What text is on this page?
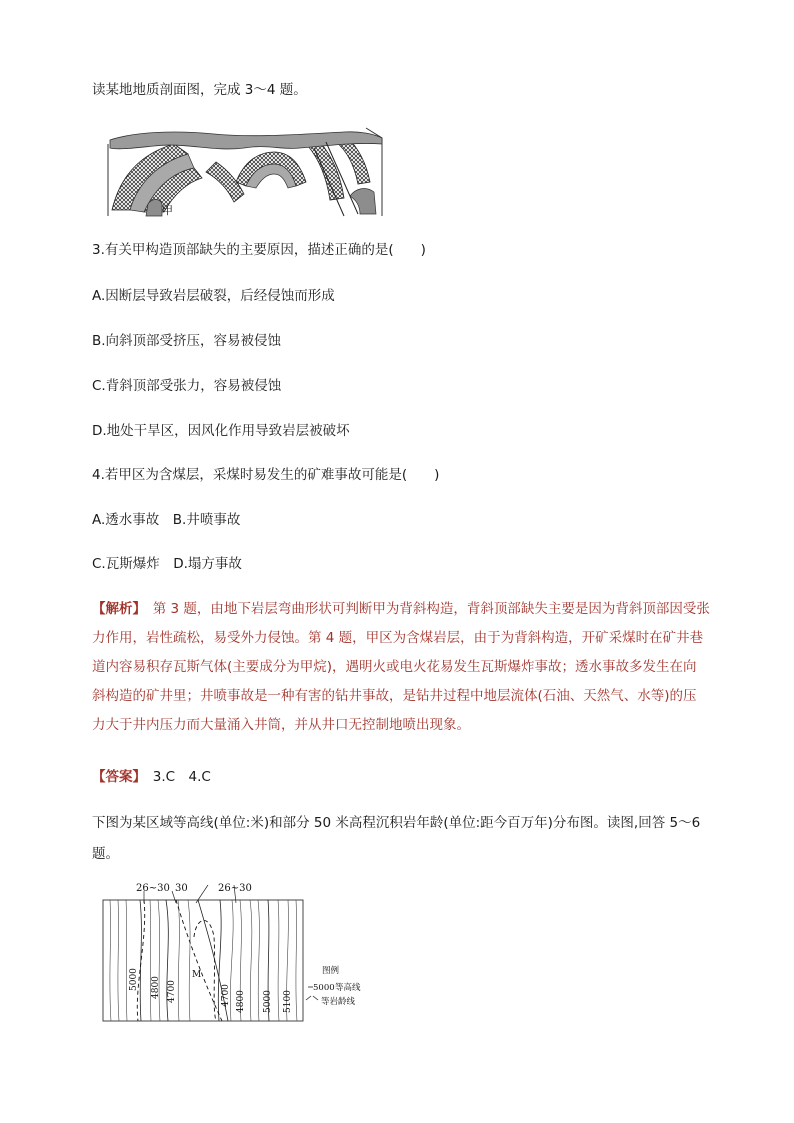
读某地地质剖面图，完成 3～4 题。
甲
3.有关甲构造顶部缺失的主要原因，描述正确的是(　　)
A.因断层导致岩层破裂，后经侵蚀而形成
B.向斜顶部受挤压，容易被侵蚀
C.背斜顶部受张力，容易被侵蚀
D.地处干旱区，因风化作用导致岩层被破坏
4.若甲区为含煤层，采煤时易发生的矿难事故可能是(　　)
A.透水事故　B.井喷事故
C.瓦斯爆炸　D.塌方事故
【解析】　第 3 题，由地下岩层弯曲形状可判断甲为背斜构造，背斜顶部缺失主要是因为背斜顶部因受张力作用，岩性疏松，易受外力侵蚀。第 4 题，甲区为含煤岩层，由于为背斜构造，开矿采煤时在矿井巷道内容易积存瓦斯气体(主要成分为甲烷)，遇明火或电火花易发生瓦斯爆炸事故；透水事故多发生在向斜构造的矿井里；井喷事故是一种有害的钻井事故，是钻井过程中地层流体(石油、天然气、水等)的压力大于井内压力而大量涌入井筒，并从井口无控制地喷出现象。
【答案】　3.C　4.C
下图为某区域等高线(单位:米)和部分 50 米高程沉积岩年龄(单位:距今百万年)分布图。读图,回答 5～6 题。
26~30 30	26~30
5000 4800 4700
M
4700 4800 5000 5100
图例
5000 等高线
等岩龄线
